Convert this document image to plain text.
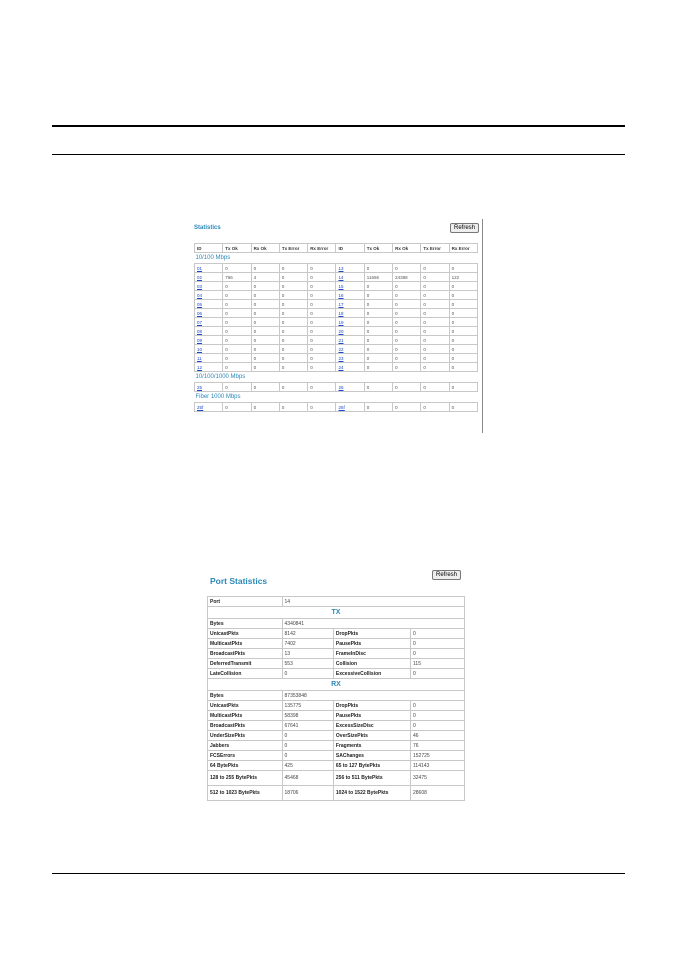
Statistics	Refresh
ID	Tx Ok	Rx Ok	Tx Error	Rx Error	ID	Tx Ok	Rx Ok	Tx Error	Rx Error
10/100 Mbps									
01	0	0	0	0	13	0	0	0	0
02	766	4	0	0	14	11656	24388	0	122
03	0	0	0	0	15	0	0	0	0
04	0	0	0	0	16	0	0	0	0
05	0	0	0	0	17	0	0	0	0
06	0	0	0	0	18	0	0	0	0
07	0	0	0	0	19	0	0	0	0
08	0	0	0	0	20	0	0	0	0
09	0	0	0	0	21	0	0	0	0
10	0	0	0	0	22	0	0	0	0
11	0	0	0	0	23	0	0	0	0
12	0	0	0	0	24	0	0	0	0
10/100/1000 Mbps									
25	0	0	0	0	26	0	0	0	0
Fiber 1000 Mbps									
25f	0	0	0	0	26f	0	0	0	0
Port Statistics
Refresh
Port	14		
TX			
Bytes	4340841		
UnicastPkts	8142	DropPkts	0
MulticastPkts	7402	PausePkts	0
BroadcastPkts	13	FrameInDisc	0
DeferredTransmit	553	Collision	115
LateCollision	0	ExcessiveCollision	0
RX			
Bytes	87353848		
UnicastPkts	135775	DropPkts	0
MulticastPkts	58398	PausePkts	0
BroadcastPkts	67641	ExcessSizeDisc	0
UnderSizePkts	0	OverSizePkts	46
Jabbers	0	Fragments	76
FCSErrors	0	SAChanges	152725
64 BytePkts	425	65 to 127 BytePkts	114143
128 to 255 BytePkts	45468	256 to 511 BytePkts	32475
512 to 1023 BytePkts	18706	1024 to 1522 BytePkts	28608
